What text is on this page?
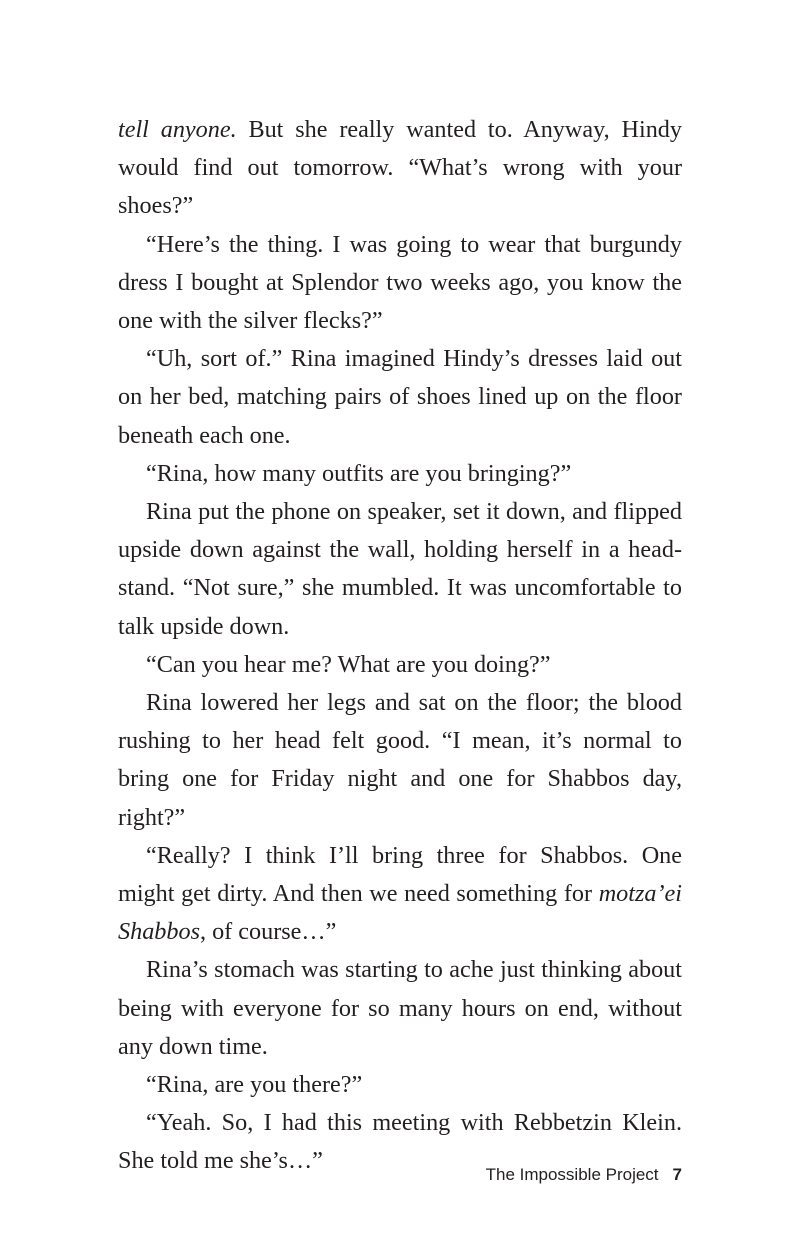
tell anyone. But she really wanted to. Anyway, Hindy would find out tomorrow. “What’s wrong with your shoes?”

“Here’s the thing. I was going to wear that burgundy dress I bought at Splendor two weeks ago, you know the one with the silver flecks?”

“Uh, sort of.” Rina imagined Hindy’s dresses laid out on her bed, matching pairs of shoes lined up on the floor beneath each one.

“Rina, how many outfits are you bringing?”

Rina put the phone on speaker, set it down, and flipped upside down against the wall, holding herself in a headstand. “Not sure,” she mumbled. It was uncomfortable to talk upside down.

“Can you hear me? What are you doing?”

Rina lowered her legs and sat on the floor; the blood rushing to her head felt good. “I mean, it’s normal to bring one for Friday night and one for Shabbos day, right?”

“Really? I think I’ll bring three for Shabbos. One might get dirty. And then we need something for motza’ei Shabbos, of course…”

Rina’s stomach was starting to ache just thinking about being with everyone for so many hours on end, without any down time.

“Rina, are you there?”

“Yeah. So, I had this meeting with Rebbetzin Klein. She told me she’s…”

The Impossible Project 7
